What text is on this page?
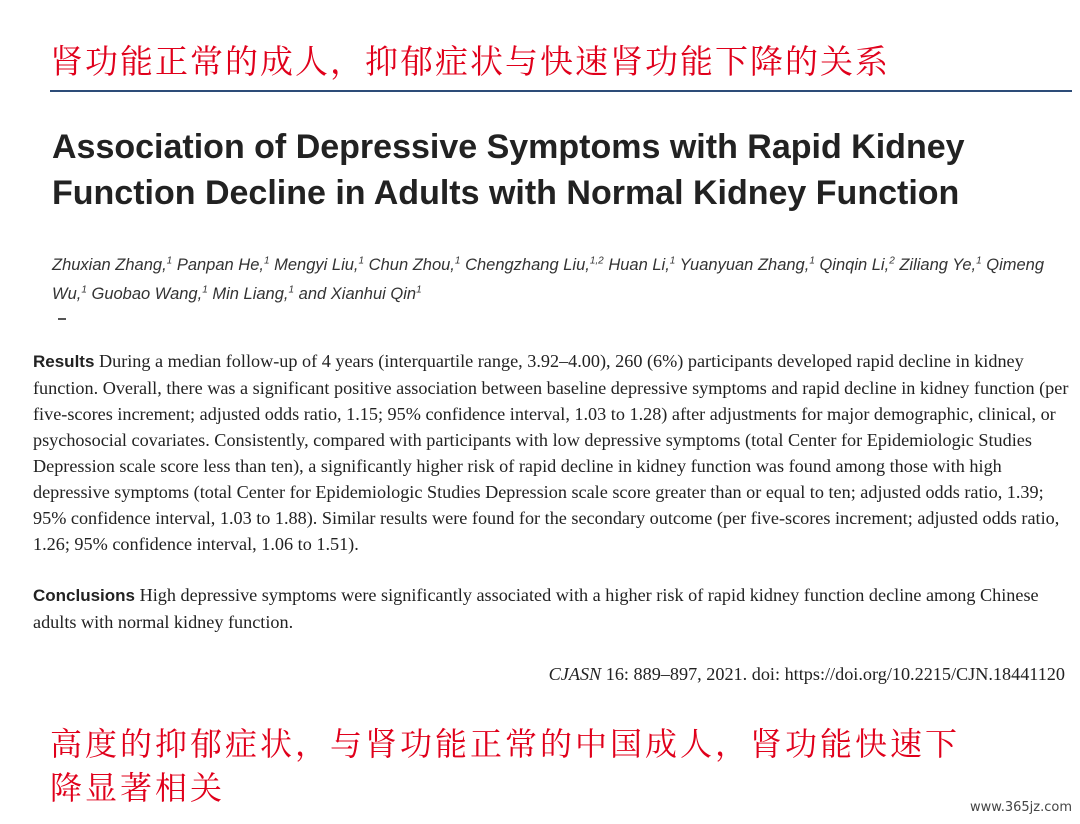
肾功能正常的成人，抑郁症状与快速肾功能下降的关系
Association of Depressive Symptoms with Rapid Kidney Function Decline in Adults with Normal Kidney Function
Zhuxian Zhang,$^1$ Panpan He,$^1$ Mengyi Liu,$^1$ Chun Zhou,$^1$ Chengzhang Liu,$^{1,2}$ Huan Li,$^1$ Yuanyuan Zhang,$^1$ Qinqin Li,$^2$ Ziliang Ye,$^1$ Qimeng Wu,$^1$ Guobao Wang,$^1$ Min Liang,$^1$ and Xianhui Qin$^1$

Results During a median follow-up of 4 years (interquartile range, 3.92–4.00), 260 (6%) participants developed rapid decline in kidney function. Overall, there was a significant positive association between baseline depressive symptoms and rapid decline in kidney function (per five-scores increment; adjusted odds ratio, 1.15; 95% confidence interval, 1.03 to 1.28) after adjustments for major demographic, clinical, or psychosocial covariates. Consistently, compared with participants with low depressive symptoms (total Center for Epidemiologic Studies Depression scale score less than ten), a significantly higher risk of rapid decline in kidney function was found among those with high depressive symptoms (total Center for Epidemiologic Studies Depression scale score greater than or equal to ten; adjusted odds ratio, 1.39; 95% confidence interval, 1.03 to 1.88). Similar results were found for the secondary outcome (per five-scores increment; adjusted odds ratio, 1.26; 95% confidence interval, 1.06 to 1.51).

Conclusions High depressive symptoms were significantly associated with a higher risk of rapid kidney function decline among Chinese adults with normal kidney function.

CJASN 16: 889–897, 2021. doi: https://doi.org/10.2215/CJN.18441120
高度的抑郁症状，与肾功能正常的中国成人，肾功能快速下降显著相关
www.365jz.com
